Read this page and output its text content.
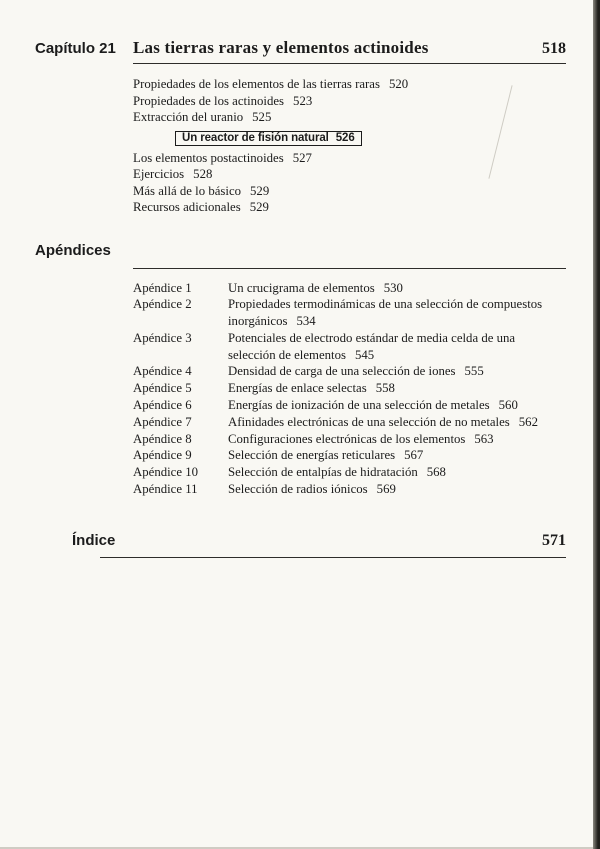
Capítulo 21	Las tierras raras y elementos actinoides	518
Propiedades de los elementos de las tierras raras 520
Propiedades de los actinoides 523
Extracción del uranio 525
Un reactor de fisión natural 526
Los elementos postactinoides 527
Ejercicios 528
Más allá de lo básico 529
Recursos adicionales 529
Apéndices
Apéndice 1	Un crucigrama de elementos 530
Apéndice 2	Propiedades termodinámicas de una selección de compuestos inorgánicos 534
Apéndice 3	Potenciales de electrodo estándar de media celda de una selección de elementos 545
Apéndice 4	Densidad de carga de una selección de iones 555
Apéndice 5	Energías de enlace selectas 558
Apéndice 6	Energías de ionización de una selección de metales 560
Apéndice 7	Afinidades electrónicas de una selección de no metales 562
Apéndice 8	Configuraciones electrónicas de los elementos 563
Apéndice 9	Selección de energías reticulares 567
Apéndice 10	Selección de entalpías de hidratación 568
Apéndice 11	Selección de radios iónicos 569
Índice	571
